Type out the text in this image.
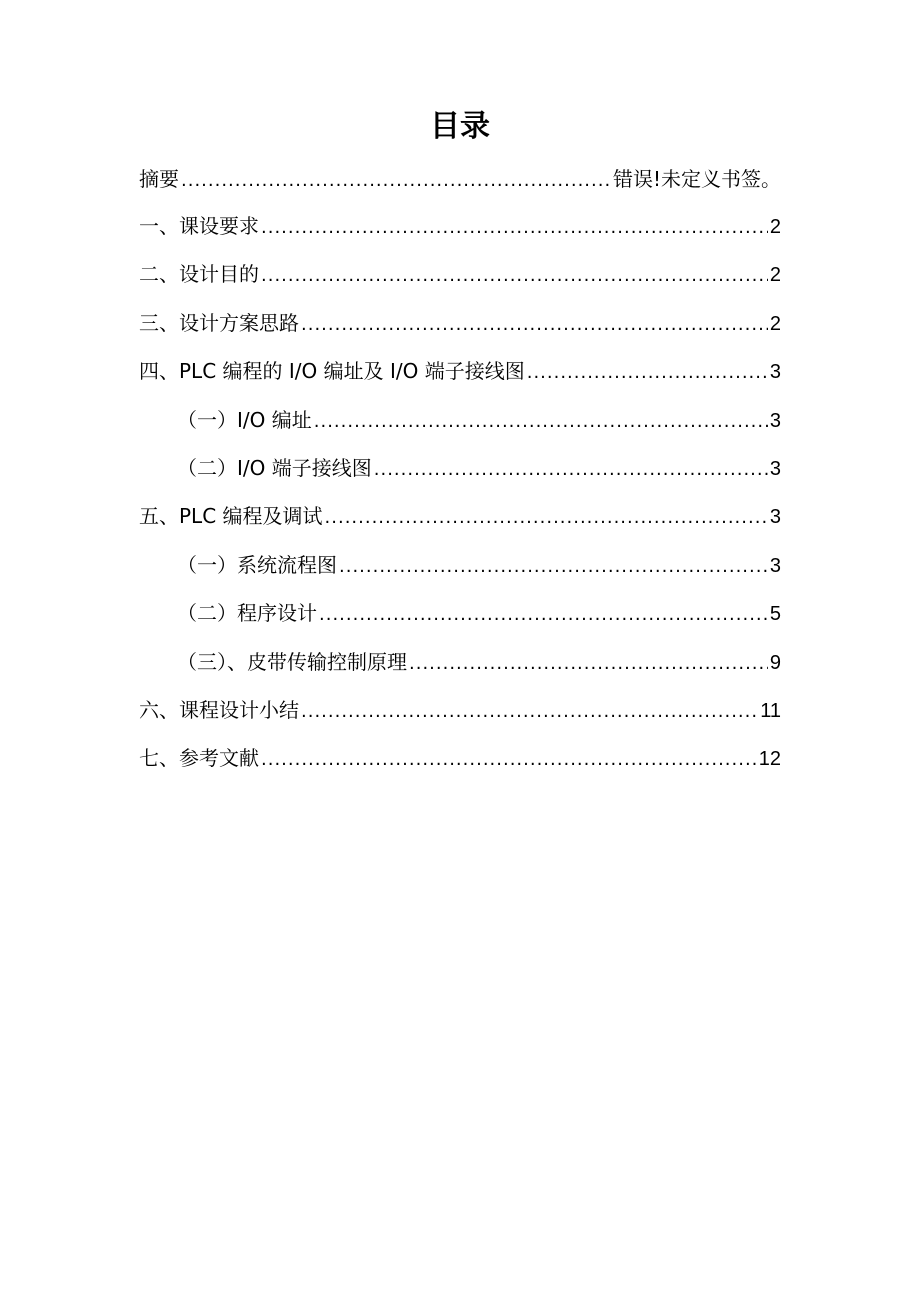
目录
摘要 .....	错误!未定义书签。
一、课设要求 .....	2
二、设计目的 .....	2
三、设计方案思路 .....	2
四、PLC 编程的 I/O 编址及 I/O 端子接线图 .....	3
（一）I/O 编址 .....	3
（二）I/O 端子接线图 .....	3
五、PLC 编程及调试 .....	3
（一）系统流程图 .....	3
（二）程序设计 .....	5
（三）、皮带传输控制原理 .....	9
六、课程设计小结 .....	11
七、参考文献 .....	12
